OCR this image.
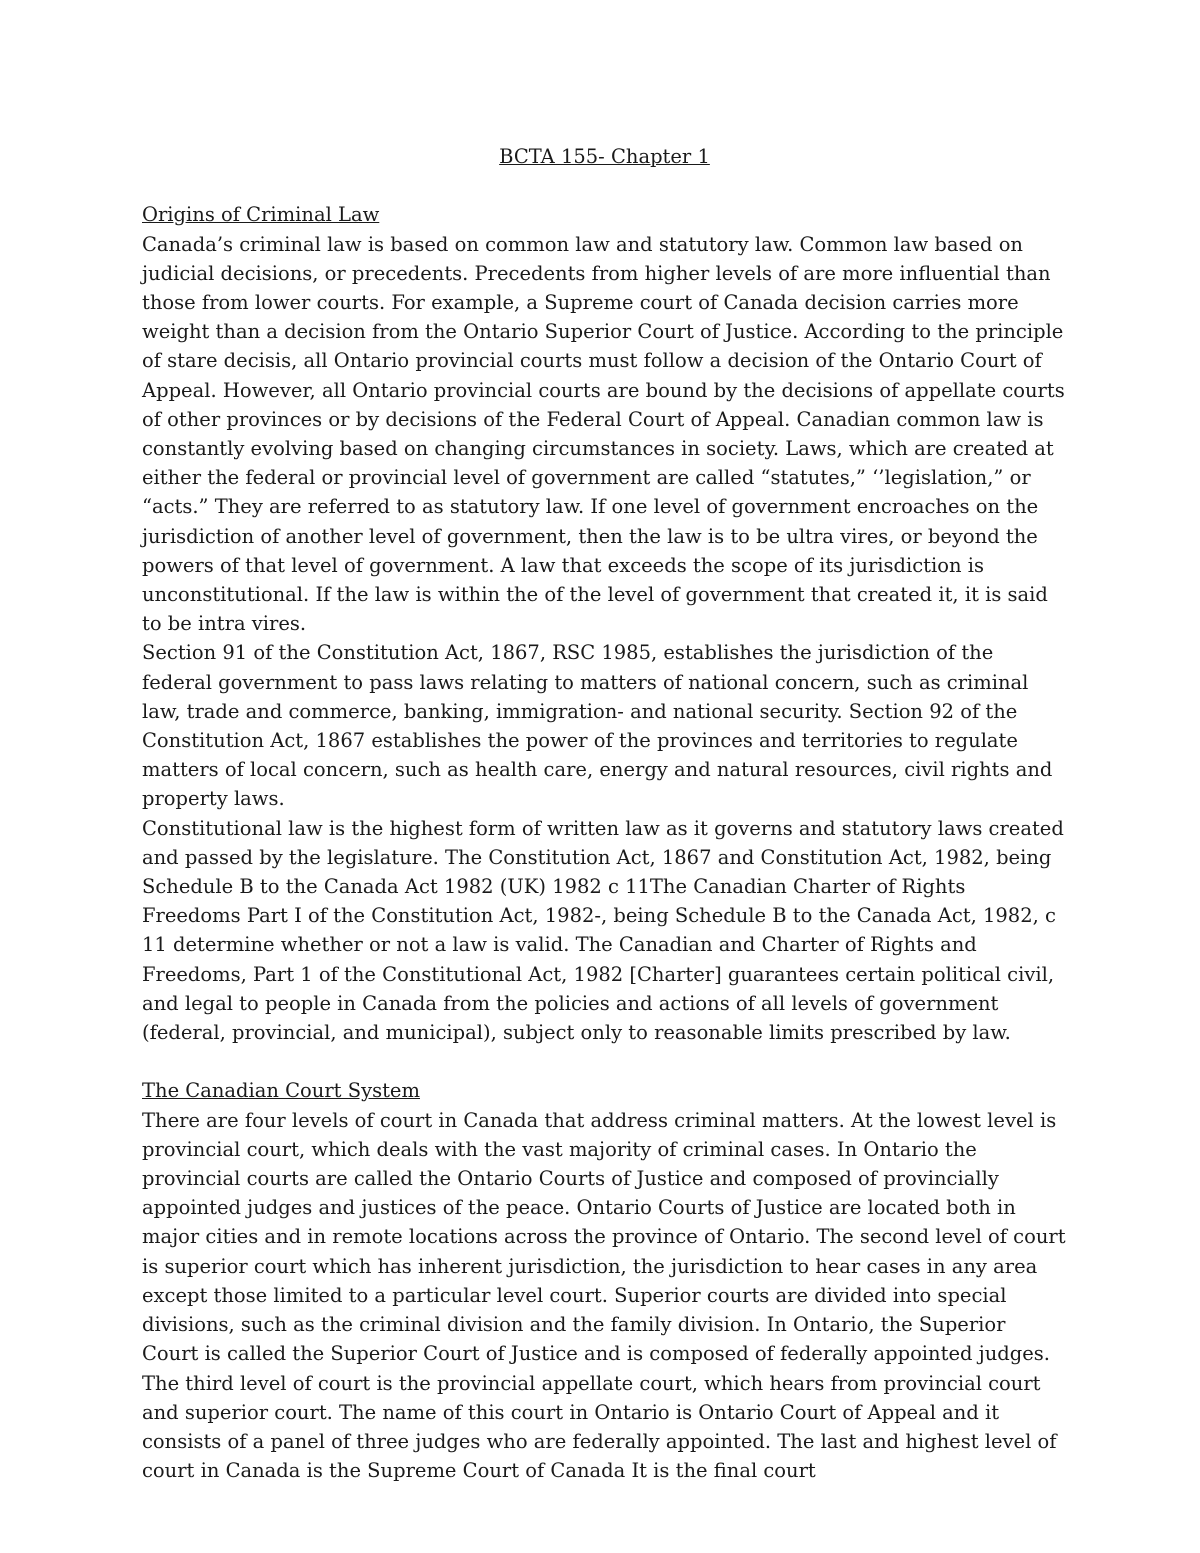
BCTA 155- Chapter 1
Origins of Criminal Law
Canada’s criminal law is based on common law and statutory law. Common law based on judicial decisions, or precedents. Precedents from higher levels of are more influential than those from lower courts. For example, a Supreme court of Canada decision carries more weight than a decision from the Ontario Superior Court of Justice. According to the principle of stare decisis, all Ontario provincial courts must follow a decision of the Ontario Court of Appeal. However, all Ontario provincial courts are bound by the decisions of appellate courts of other provinces or by decisions of the Federal Court of Appeal. Canadian common law is constantly evolving based on changing circumstances in society. Laws, which are created at either the federal or provincial level of government are called “statutes,” ‘’legislation,” or “acts.” They are referred to as statutory law. If one level of government encroaches on the jurisdiction of another level of government, then the law is to be ultra vires, or beyond the powers of that level of government. A law that exceeds the scope of its jurisdiction is unconstitutional. If the law is within the of the level of government that created it, it is said to be intra vires.
Section 91 of the Constitution Act, 1867, RSC 1985, establishes the jurisdiction of the federal government to pass laws relating to matters of national concern, such as criminal law, trade and commerce, banking, immigration- and national security. Section 92 of the Constitution Act, 1867 establishes the power of the provinces and territories to regulate matters of local concern, such as health care, energy and natural resources, civil rights and property laws.
Constitutional law is the highest form of written law as it governs and statutory laws created and passed by the legislature. The Constitution Act, 1867 and Constitution Act, 1982, being Schedule B to the Canada Act 1982 (UK) 1982 c 11The Canadian Charter of Rights Freedoms Part I of the Constitution Act, 1982-, being Schedule B to the Canada Act, 1982, c 11 determine whether or not a law is valid. The Canadian and Charter of Rights and Freedoms, Part 1 of the Constitutional Act, 1982 [Charter] guarantees certain political civil, and legal to people in Canada from the policies and actions of all levels of government (federal, provincial, and municipal), subject only to reasonable limits prescribed by law.
The Canadian Court System
There are four levels of court in Canada that address criminal matters. At the lowest level is provincial court, which deals with the vast majority of criminal cases. In Ontario the provincial courts are called the Ontario Courts of Justice and composed of provincially appointed judges and justices of the peace. Ontario Courts of Justice are located both in major cities and in remote locations across the province of Ontario. The second level of court is superior court which has inherent jurisdiction, the jurisdiction to hear cases in any area except those limited to a particular level court. Superior courts are divided into special divisions, such as the criminal division and the family division. In Ontario, the Superior Court is called the Superior Court of Justice and is composed of federally appointed judges. The third level of court is the provincial appellate court, which hears from provincial court and superior court. The name of this court in Ontario is Ontario Court of Appeal and it consists of a panel of three judges who are federally appointed. The last and highest level of court in Canada is the Supreme Court of Canada It is the final court
